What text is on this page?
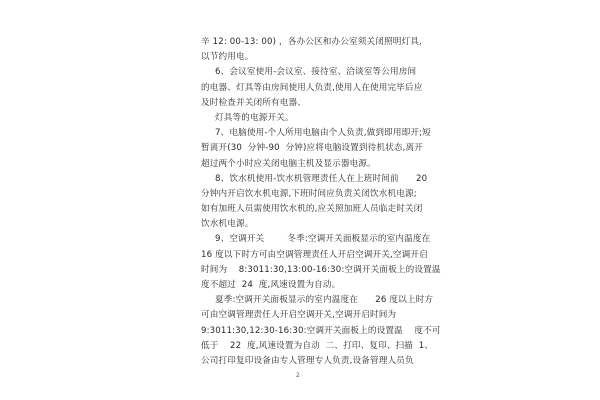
辛 12: 00-13: 00) ，各办公区和办公室须关闭照明灯具,
以节约用电。
6、会议室使用-会议室、接待室、洽谈室等公用房间
的电器、灯具等由房间使用人负责,使用人在使用完毕后应
及时检查并关闭所有电器、
灯具等的电源开关。
7、电脑使用-个人所用电脑由个人负责,做到即用即开;短
暂离开(30  分钟-90  分钟)应将电脑设置到待机状态,离开
超过两个小时应关闭电脑主机及显示器电源。
8、饮水机使用-饮水机管理责任人在上班时间前      20
分钟内开启饮水机电源,下班时间应负责关闭饮水机电源;
如有加班人员需使用饮水机的,应关照加班人员临走时关闭
饮水机电源。
9、空调开关        冬季:空调开关面板显示的室内温度在
16 度以下时方可由空调管理责任人开启空调开关,空调开启
时间为    8:3011:30,13:00-16:30:空调开关面板上的设置温
度不超过  24  度,风速设置为自动。
夏季:空调开关面板显示的室内温度在      26 度以上时方
可由空调管理责任人开启空调开关,空调开启时间为
9:3011:30,12:30-16:30:空调开关面板上的设置温    度不可
低于    22  度,风速设置为自动  二、打印、复印、扫描  1、
公司打印复印设备由专人管理专人负责,设备管理人员负
2
